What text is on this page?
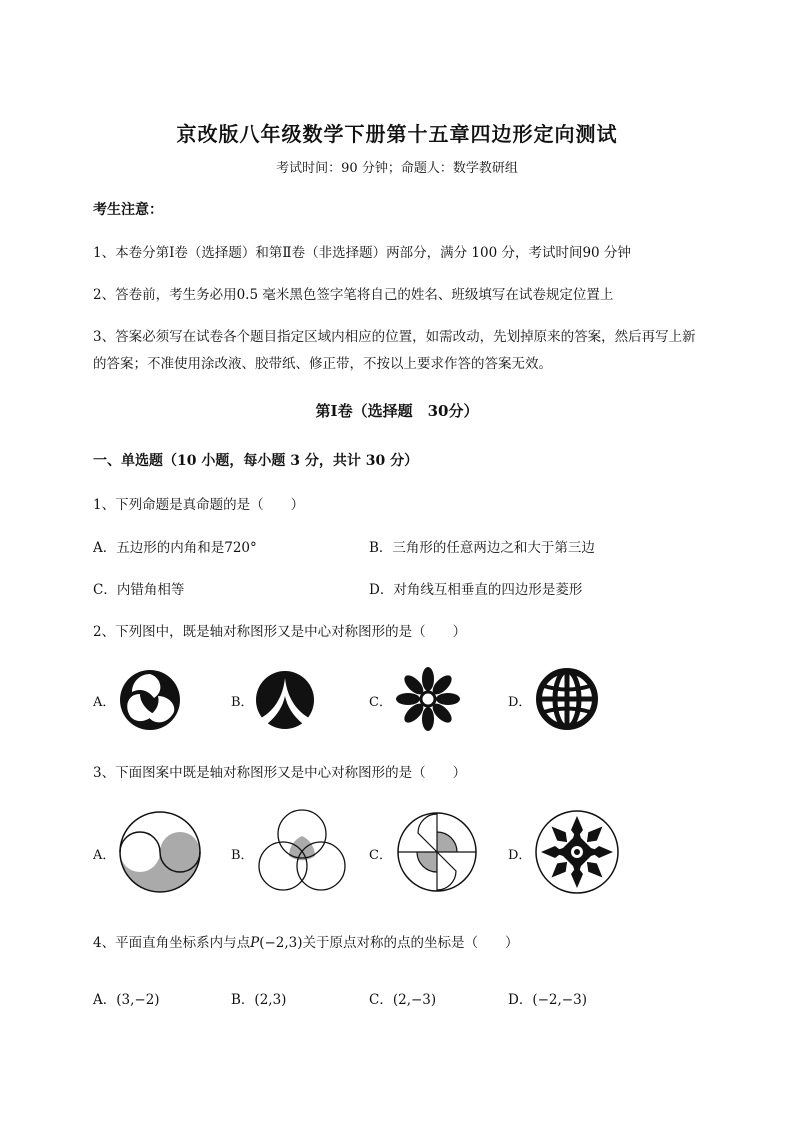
京改版八年级数学下册第十五章四边形定向测试
考试时间：90 分钟；命题人：数学教研组
考生注意：
1、本卷分第Ⅰ卷（选择题）和第Ⅱ卷（非选择题）两部分，满分 100 分，考试时间90 分钟
2、答卷前，考生务必用0.5 毫米黑色签字笔将自己的姓名、班级填写在试卷规定位置上
3、答案必须写在试卷各个题目指定区域内相应的位置，如需改动，先划掉原来的答案，然后再写上新
的答案；不准使用涂改液、胶带纸、修正带，不按以上要求作答的答案无效。
第Ⅰ卷（选择题　30分）
一、单选题（10 小题，每小题 3 分，共计 30 分）
1、下列命题是真命题的是（　　）
A．五边形的内角和是720°	B．三角形的任意两边之和大于第三边
C．内错角相等	D．对角线互相垂直的四边形是菱形
2、下列图中，既是轴对称图形又是中心对称图形的是（　　）
A．	B．	C．	D．
3、下面图案中既是轴对称图形又是中心对称图形的是（　　）
A．	B．	C．	D．
4、平面直角坐标系内与点P(−2,3)关于原点对称的点的坐标是（　　）
A．(3,−2)	B．(2,3)	C．(2,−3)	D．(−2,−3)
